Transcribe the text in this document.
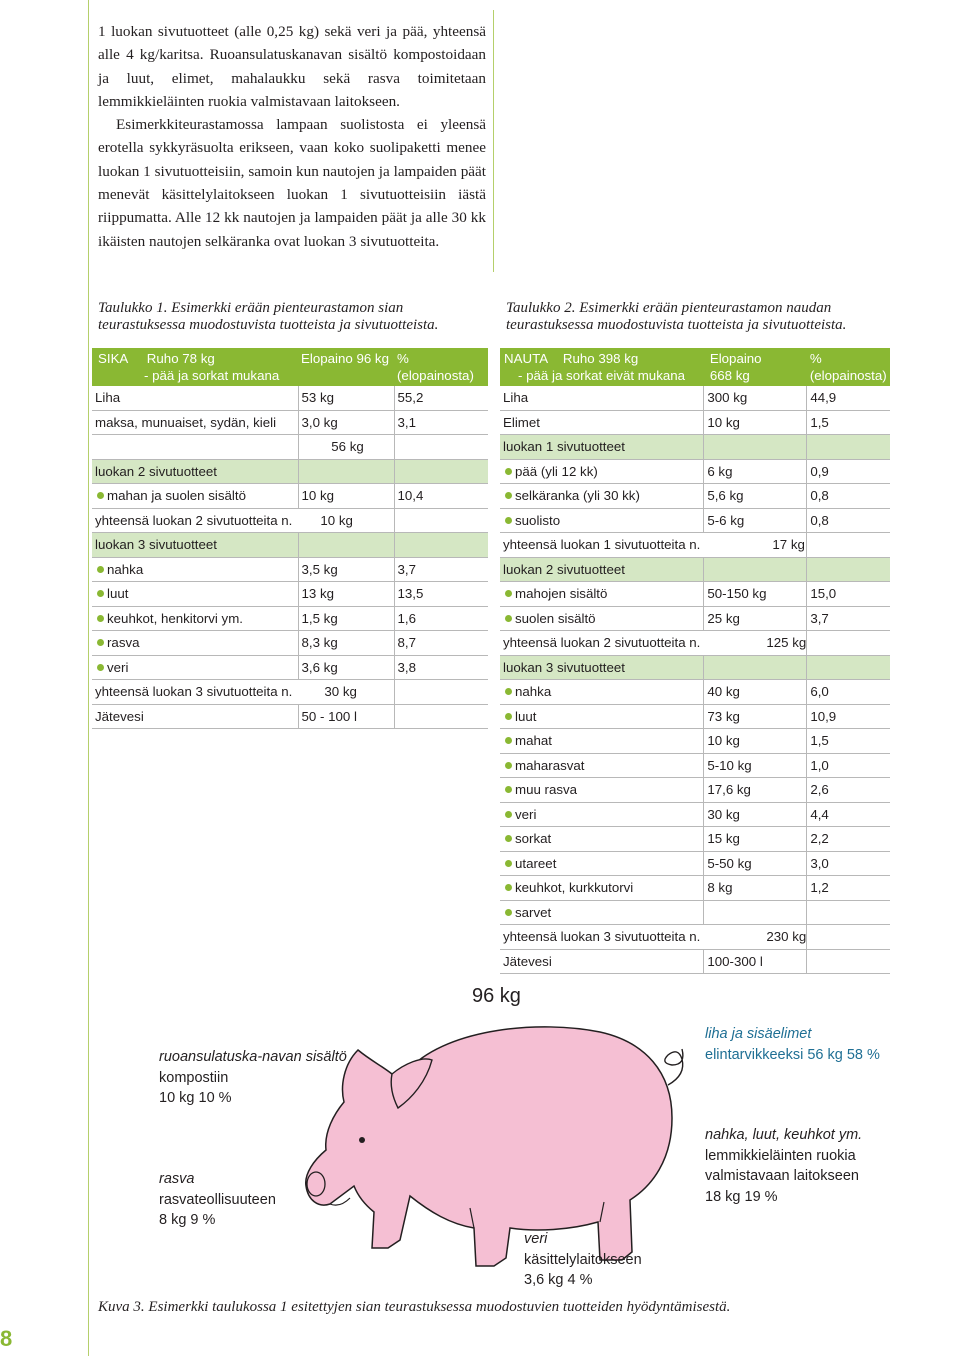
8

1 luokan sivutuotteet (alle 0,25 kg) sekä veri ja pää, yhteensä alle 4 kg/karitsa. Ruoansulatuskanavan sisältö kompostoidaan ja luut, elimet, mahalaukku sekä rasva toimitetaan lemmikkieläinten ruokia valmistavaan laitokseen.

Esimerkkiteurastamossa lampaan suolistosta ei yleensä erotella sykkyräsuolta erikseen, vaan koko suolipaketti menee luokan 1 sivutuotteisiin, samoin kun nautojen ja lampaiden päät menevät käsittelylaitokseen luokan 1 sivutuotteisiin iästä riippumatta. Alle 12 kk nautojen ja lampaiden päät ja alle 30 kk ikäisten nautojen selkäranka ovat luokan 3 sivutuotteita.

Taulukko 1. Esimerkki erään pienteurastamon sian
teurastuksessa muodostuvista tuotteista ja sivutuotteista.
SIKA Ruho 78 kg
- pää ja sorkat mukana	Elopaino 96 kg	%
(elopainosta)
Liha	53 kg	55,2
maksa, munuaiset, sydän, kieli	3,0 kg	3,1
	56 kg	
luokan 2 sivutuotteet		
mahan ja suolen sisältö	10 kg	10,4
yhteensä luokan 2 sivutuotteita n. 10 kg		
luokan 3 sivutuotteet		
nahka	3,5 kg	3,7
luut	13 kg	13,5
keuhkot, henkitorvi ym.	1,5 kg	1,6
rasva	8,3 kg	8,7
veri	3,6 kg	3,8
yhteensä luokan 3 sivutuotteita n. 30 kg		
Jätevesi	50 - 100 l	
Taulukko 2. Esimerkki erään pienteurastamon naudan
teurastuksessa muodostuvista tuotteista ja sivutuotteista.
NAUTA Ruho 398 kg
- pää ja sorkat eivät mukana	Elopaino
668 kg	%
(elopainosta)
Liha	300 kg	44,9
Elimet	10 kg	1,5
luokan 1 sivutuotteet		
pää (yli 12 kk)	6 kg	0,9
selkäranka (yli 30 kk)	5,6 kg	0,8
suolisto	5-6 kg	0,8
yhteensä luokan 1 sivutuotteita n. 17 kg		
luokan 2 sivutuotteet		
mahojen sisältö	50-150 kg	15,0
suolen sisältö	25 kg	3,7
yhteensä luokan 2 sivutuotteita n. 125 kg		
luokan 3 sivutuotteet		
nahka	40 kg	6,0
luut	73 kg	10,9
mahat	10 kg	1,5
maharasvat	5-10 kg	1,0
muu rasva	17,6 kg	2,6
veri	30 kg	4,4
sorkat	15 kg	2,2
utareet	5-50 kg	3,0
keuhkot, kurkkutorvi	8 kg	1,2
sarvet		
yhteensä luokan 3 sivutuotteita n. 230 kg		
Jätevesi	100-300 l	
96 kg
ruoansulatuska-navan sisältö
kompostiin
10 kg 10 %
rasva
rasvateollisuuteen
8 kg 9 %
liha ja sisäelimet
elintarvikkeeksi 56 kg 58 %
nahka, luut, keuhkot ym.
lemmikkieläinten ruokia
valmistavaan laitokseen
18 kg 19 %
veri
käsittelylaitokseen
3,6 kg 4 %
Kuva 3. Esimerkki taulukossa 1 esitettyjen sian teurastuksessa muodostuvien tuotteiden hyödyntämisestä.
